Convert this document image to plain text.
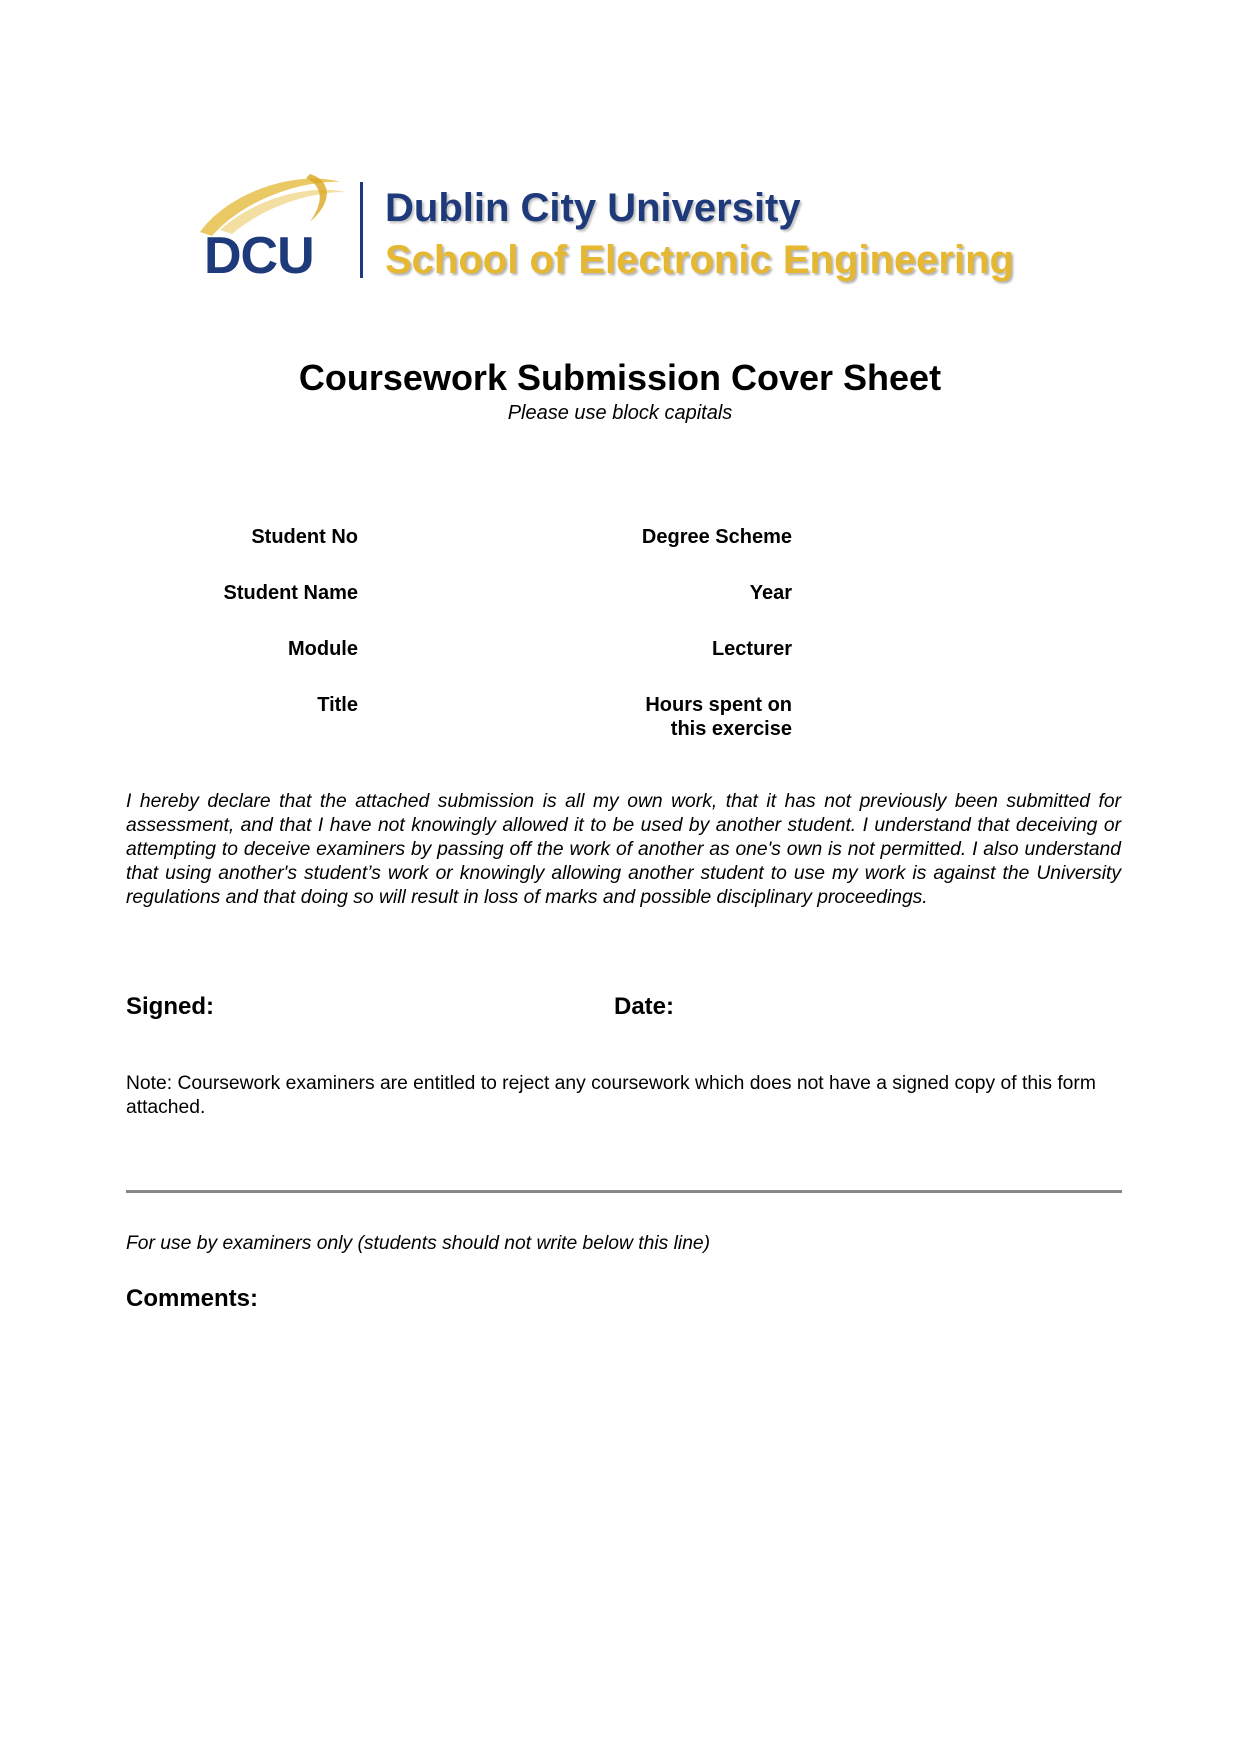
DCU
Dublin City University
School of Electronic Engineering
Coursework Submission Cover Sheet
Please use block capitals
Student No	Degree Scheme
Student Name	Year
Module	Lecturer
Title	Hours spent on
this exercise
I hereby declare that the attached submission is all my own work, that it has not previously been submitted for assessment, and that I have not knowingly allowed it to be used by another student. I understand that deceiving or attempting to deceive examiners by passing off the work of another as one's own is not permitted. I also understand that using another's student’s work or knowingly allowing another student to use my work is against the University regulations and that doing so will result in loss of marks and possible disciplinary proceedings.
Signed:	Date:
Note: Coursework examiners are entitled to reject any coursework which does not have a signed copy of this form attached.
For use by examiners only (students should not write below this line)
Comments:
